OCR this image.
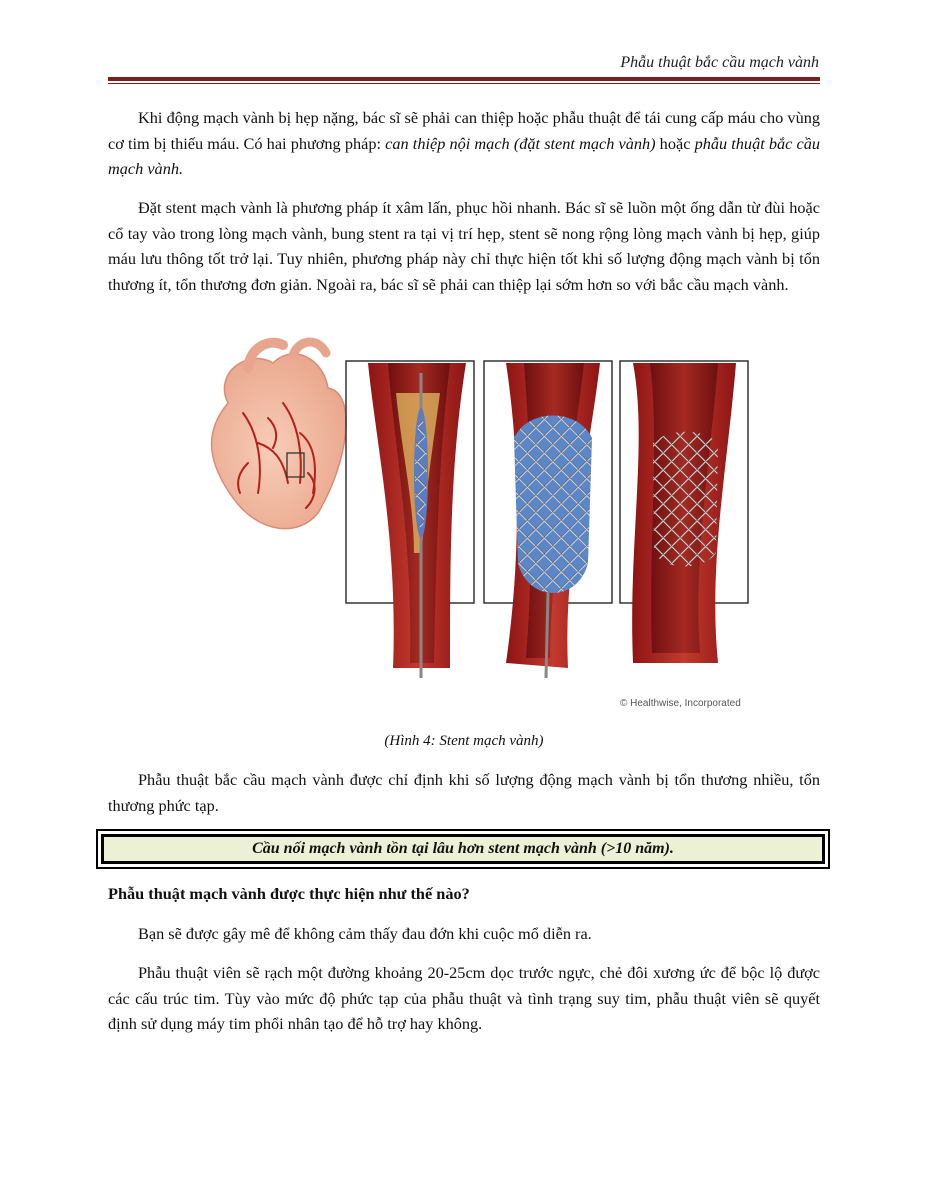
Phẫu thuật bắc cầu mạch vành

Khi động mạch vành bị hẹp nặng, bác sĩ sẽ phải can thiệp hoặc phẫu thuật để tái cung cấp máu cho vùng cơ tim bị thiếu máu. Có hai phương pháp: can thiệp nội mạch (đặt stent mạch vành) hoặc phẫu thuật bắc cầu mạch vành.

Đặt stent mạch vành là phương pháp ít xâm lấn, phục hồi nhanh. Bác sĩ sẽ luồn một ống dẫn từ đùi hoặc cổ tay vào trong lòng mạch vành, bung stent ra tại vị trí hẹp, stent sẽ nong rộng lòng mạch vành bị hẹp, giúp máu lưu thông tốt trở lại. Tuy nhiên, phương pháp này chỉ thực hiện tốt khi số lượng động mạch vành bị tổn thương ít, tổn thương đơn giản. Ngoài ra, bác sĩ sẽ phải can thiệp lại sớm hơn so với bắc cầu mạch vành.

© Healthwise, Incorporated
(Hình 4: Stent mạch vành)

Phẫu thuật bắc cầu mạch vành được chỉ định khi số lượng động mạch vành bị tổn thương nhiều, tổn thương phức tạp.

Cầu nối mạch vành tồn tại lâu hơn stent mạch vành (>10 năm).
Phẫu thuật mạch vành được thực hiện như thế nào?

Bạn sẽ được gây mê để không cảm thấy đau đớn khi cuộc mổ diễn ra.

Phẫu thuật viên sẽ rạch một đường khoảng 20-25cm dọc trước ngực, chẻ đôi xương ức để bộc lộ được các cấu trúc tim. Tùy vào mức độ phức tạp của phẫu thuật và tình trạng suy tim, phẫu thuật viên sẽ quyết định sử dụng máy tim phổi nhân tạo để hỗ trợ hay không.
